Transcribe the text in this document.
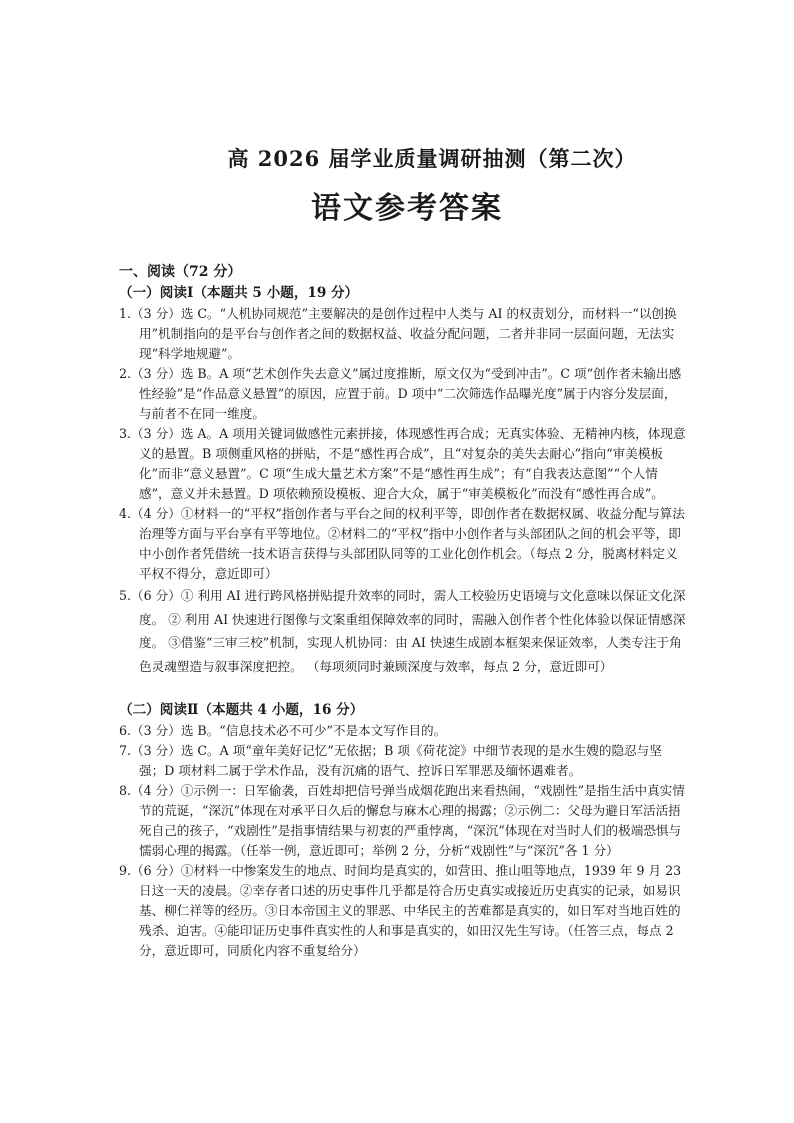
高 2026 届学业质量调研抽测（第二次）
语文参考答案
一、阅读（72 分）
（一）阅读Ⅰ（本题共 5 小题，19 分）
1.（3 分）选 C。“人机协同规范”主要解决的是创作过程中人类与 AI 的权责划分，而材料一“以创换用”机制指向的是平台与创作者之间的数据权益、收益分配问题，二者并非同一层面问题，无法实现“科学地规避”。
2.（3 分）选 B。A 项“艺术创作失去意义”属过度推断，原文仅为“受到冲击”。C 项“创作者未输出感性经验”是“作品意义悬置”的原因，应置于前。D 项中“二次筛选作品曝光度”属于内容分发层面，与前者不在同一维度。
3.（3 分）选 A。A 项用关键词做感性元素拼接，体现感性再合成；无真实体验、无精神内核，体现意义的悬置。B 项侧重风格的拼贴，不是“感性再合成”，且“对复杂的美失去耐心”指向“审美模板化”而非“意义悬置”。C 项“生成大量艺术方案”不是“感性再生成”；有“自我表达意图”“个人情感”，意义并未悬置。D 项依赖预设模板、迎合大众，属于“审美模板化”而没有“感性再合成”。
4.（4 分）①材料一的“平权”指创作者与平台之间的权利平等，即创作者在数据权属、收益分配与算法治理等方面与平台享有平等地位。②材料二的“平权”指中小创作者与头部团队之间的机会平等，即中小创作者凭借统一技术语言获得与头部团队同等的工业化创作机会。（每点 2 分，脱离材料定义平权不得分，意近即可）
5.（6 分）① 利用 AI 进行跨风格拼贴提升效率的同时，需人工校验历史语境与文化意味以保证文化深度。 ② 利用 AI 快速进行图像与文案重组保障效率的同时，需融入创作者个性化体验以保证情感深度。 ③借鉴“三审三校”机制，实现人机协同：由 AI 快速生成剧本框架来保证效率，人类专注于角色灵魂塑造与叙事深度把控。 （每项须同时兼顾深度与效率，每点 2 分，意近即可）
（二）阅读Ⅱ（本题共 4 小题，16 分）
6.（3 分）选 B。“信息技术必不可少”不是本文写作目的。
7.（3 分）选 C。A 项“童年美好记忆”无依据；B 项《荷花淀》中细节表现的是水生嫂的隐忍与坚强；D 项材料二属于学术作品，没有沉痛的语气、控诉日军罪恶及缅怀遇难者。
8.（4 分）①示例一：日军偷袭，百姓却把信号弹当成烟花跑出来看热闹，“戏剧性”是指生活中真实情节的荒诞，“深沉”体现在对承平日久后的懈怠与麻木心理的揭露；②示例二：父母为避日军活活捂死自己的孩子，“戏剧性”是指事情结果与初衷的严重悖离，“深沉”体现在对当时人们的极端恐惧与懦弱心理的揭露。（任举一例，意近即可；举例 2 分，分析“戏剧性”与“深沉”各 1 分）
9.（6 分）①材料一中惨案发生的地点、时间均是真实的，如营田、推山咀等地点，1939 年 9 月 23 日这一天的凌晨。②幸存者口述的历史事件几乎都是符合历史真实或接近历史真实的记录，如易识基、柳仁祥等的经历。③日本帝国主义的罪恶、中华民主的苦难都是真实的，如日军对当地百姓的残杀、迫害。④能印证历史事件真实性的人和事是真实的，如田汉先生写诗。（任答三点，每点 2 分，意近即可，同质化内容不重复给分）
